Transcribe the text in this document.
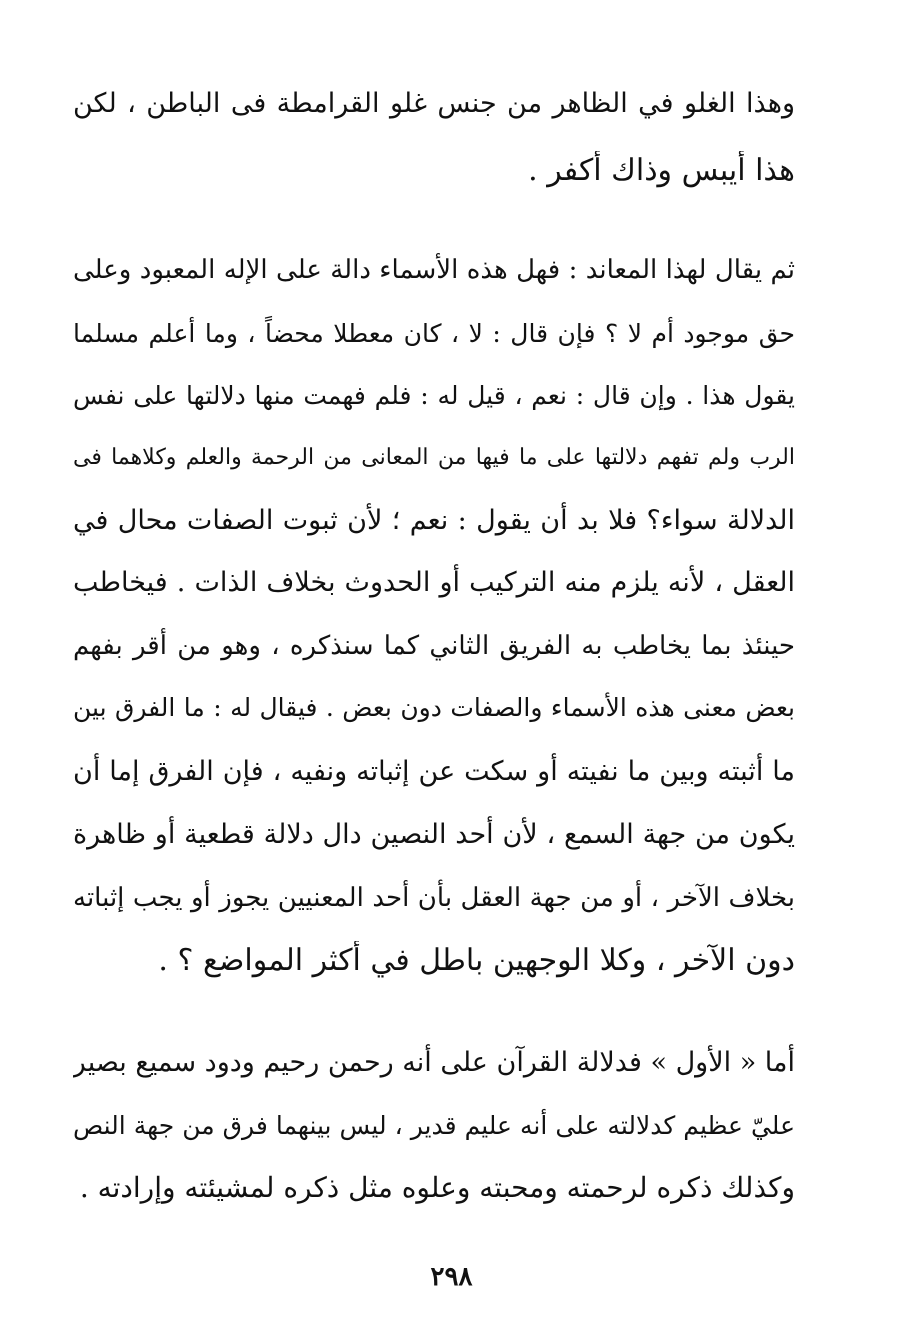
وهذا الغلو في الظاهر من جنس غلو القرامطة فى الباطن ، لكن
هذا أيبس وذاك أكفر .
ثم يقال لهذا المعاند : فهل هذه الأسماء دالة على الإله المعبود وعلى
حق موجود أم لا ؟ فإن قال : لا ، كان معطلا محضاً ، وما أعلم مسلما
يقول هذا . وإن قال : نعم ، قيل له : فلم فهمت منها دلالتها على نفس
الرب ولم تفهم دلالتها على ما فيها من المعانى من الرحمة والعلم وكلاهما فى
الدلالة سواء؟ فلا بد أن يقول : نعم ؛ لأن ثبوت الصفات محال في
العقل ، لأنه يلزم منه التركيب أو الحدوث بخلاف الذات . فيخاطب
حينئذ بما يخاطب به الفريق الثاني كما سنذكره ، وهو من أقر بفهم
بعض معنى هذه الأسماء والصفات دون بعض . فيقال له : ما الفرق بين
ما أثبته وبين ما نفيته أو سكت عن إثباته ونفيه ، فإن الفرق إما أن
يكون من جهة السمع ، لأن أحد النصين دال دلالة قطعية أو ظاهرة
بخلاف الآخر ، أو من جهة العقل بأن أحد المعنيين يجوز أو يجب إثباته
دون الآخر ، وكلا الوجهين باطل في أكثر المواضع ؟ .
أما « الأول » فدلالة القرآن على أنه رحمن رحيم ودود سميع بصير
عليّ عظيم كدلالته على أنه عليم قدير ، ليس بينهما فرق من جهة النص
وكذلك ذكره لرحمته ومحبته وعلوه مثل ذكره لمشيئته وإرادته .
٢٩٨
